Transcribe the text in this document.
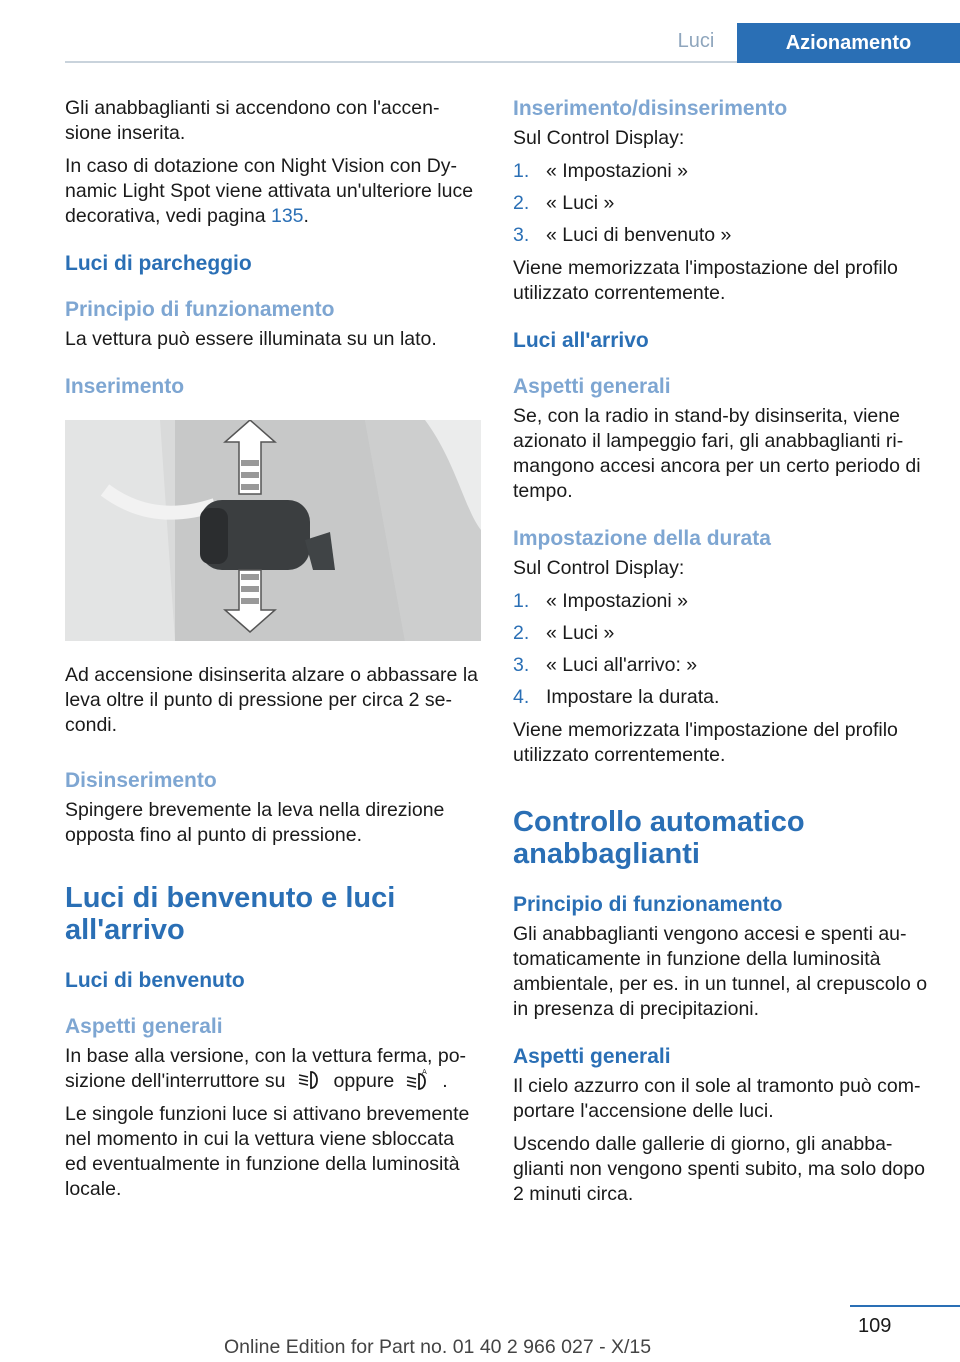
Luci	Azionamento

Gli anabbaglianti si accendono con l'accen-sione inserita.

In caso di dotazione con Night Vision con Dy-namic Light Spot viene attivata un'ulteriore luce decorativa, vedi pagina 135.

Luci di parcheggio
Principio di funzionamento

La vettura può essere illuminata su un lato.

Inserimento

Ad accensione disinserita alzare o abbassare la leva oltre il punto di pressione per circa 2 se-condi.

Disinserimento

Spingere brevemente la leva nella direzione opposta fino al punto di pressione.

Luci di benvenuto e luci all'arrivo
Luci di benvenuto
Aspetti generali

In base alla versione, con la vettura ferma, po-sizione dell'interruttore su oppure	A .

Le singole funzioni luce si attivano brevemente nel momento in cui la vettura viene sbloccata ed eventualmente in funzione della luminosità locale.

Inserimento/disinserimento

Sul Control Display:

1. « Impostazioni »
2. « Luci »
3. « Luci di benvenuto »

Viene memorizzata l'impostazione del profilo utilizzato correntemente.

Luci all'arrivo
Aspetti generali

Se, con la radio in stand-by disinserita, viene azionato il lampeggio fari, gli anabbaglianti ri-mangono accesi ancora per un certo periodo di tempo.

Impostazione della durata

Sul Control Display:

1. « Impostazioni »
2. « Luci »
3. « Luci all'arrivo: »
4. Impostare la durata.

Viene memorizzata l'impostazione del profilo utilizzato correntemente.

Controllo automatico anabbaglianti
Principio di funzionamento

Gli anabbaglianti vengono accesi e spenti au-tomaticamente in funzione della luminosità ambientale, per es. in un tunnel, al crepuscolo o in presenza di precipitazioni.

Aspetti generali

Il cielo azzurro con il sole al tramonto può com-portare l'accensione delle luci.

Uscendo dalle gallerie di giorno, gli anabba-glianti non vengono spenti subito, ma solo dopo 2 minuti circa.

109
Online Edition for Part no. 01 40 2 966 027 - X/15
